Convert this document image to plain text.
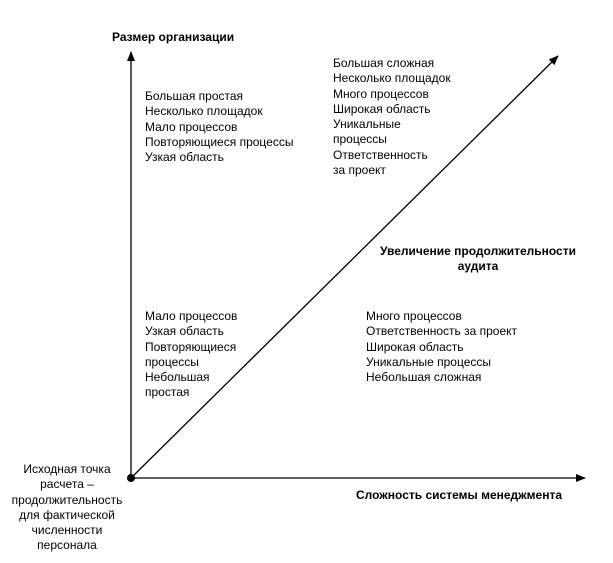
Размер организации
Сложность системы менеджмента
Увеличение продолжительности
аудита
Большая простая
Несколько площадок
Мало процессов
Повторяющиеся процессы
Узкая область
Большая сложная
Несколько площадок
Много процессов
Широкая область
Уникальные
процессы
Ответственность
за проект
Мало процессов
Узкая область
Повторяющиеся
процессы
Небольшая
простая
Много процессов
Ответственность за проект
Широкая область
Уникальные процессы
Небольшая сложная
Исходная точка
расчета –
продолжительность
для фактической
численности
персонала
